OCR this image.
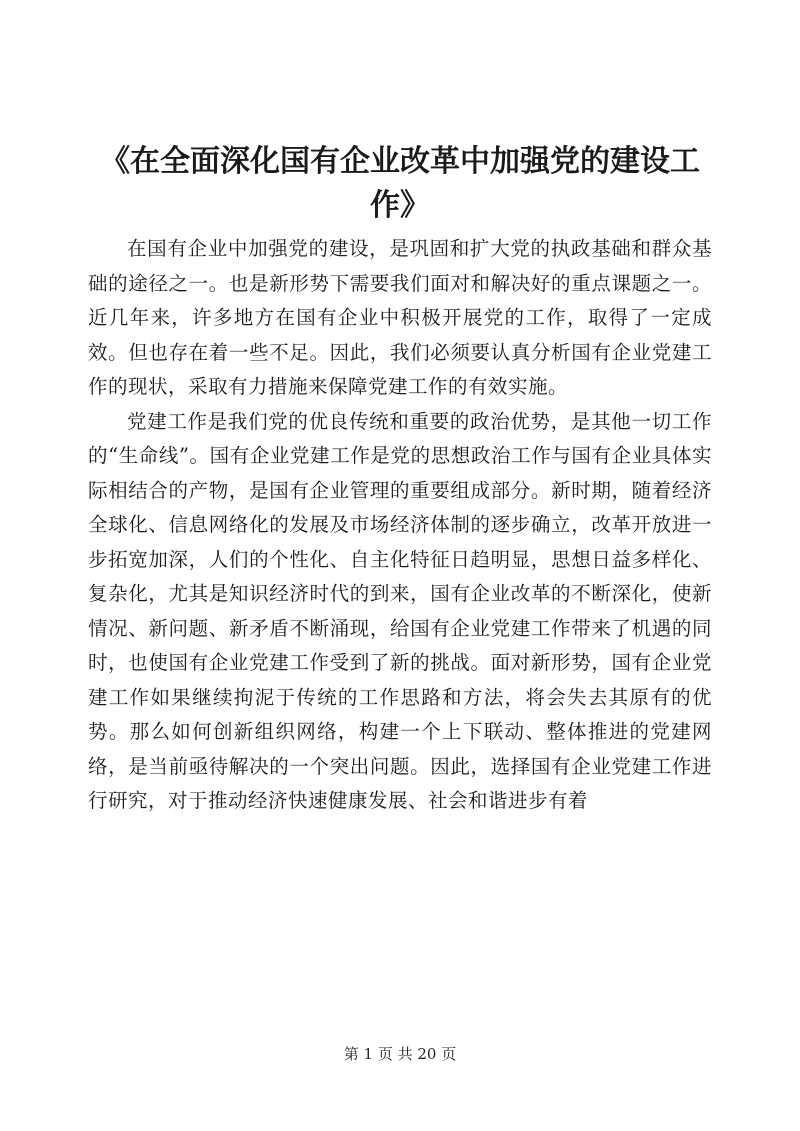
《在全面深化国有企业改革中加强党的建设工作》

在国有企业中加强党的建设，是巩固和扩大党的执政基础和群众基础的途径之一。也是新形势下需要我们面对和解决好的重点课题之一。近几年来，许多地方在国有企业中积极开展党的工作，取得了一定成效。但也存在着一些不足。因此，我们必须要认真分析国有企业党建工作的现状，采取有力措施来保障党建工作的有效实施。

党建工作是我们党的优良传统和重要的政治优势，是其他一切工作的“生命线”。国有企业党建工作是党的思想政治工作与国有企业具体实际相结合的产物，是国有企业管理的重要组成部分。新时期，随着经济全球化、信息网络化的发展及市场经济体制的逐步确立，改革开放进一步拓宽加深，人们的个性化、自主化特征日趋明显，思想日益多样化、复杂化，尤其是知识经济时代的到来，国有企业改革的不断深化，使新情况、新问题、新矛盾不断涌现，给国有企业党建工作带来了机遇的同时，也使国有企业党建工作受到了新的挑战。面对新形势，国有企业党建工作如果继续拘泥于传统的工作思路和方法，将会失去其原有的优势。那么如何创新组织网络，构建一个上下联动、整体推进的党建网络，是当前亟待解决的一个突出问题。因此，选择国有企业党建工作进行研究，对于推动经济快速健康发展、社会和谐进步有着

第 1 页 共 20 页
